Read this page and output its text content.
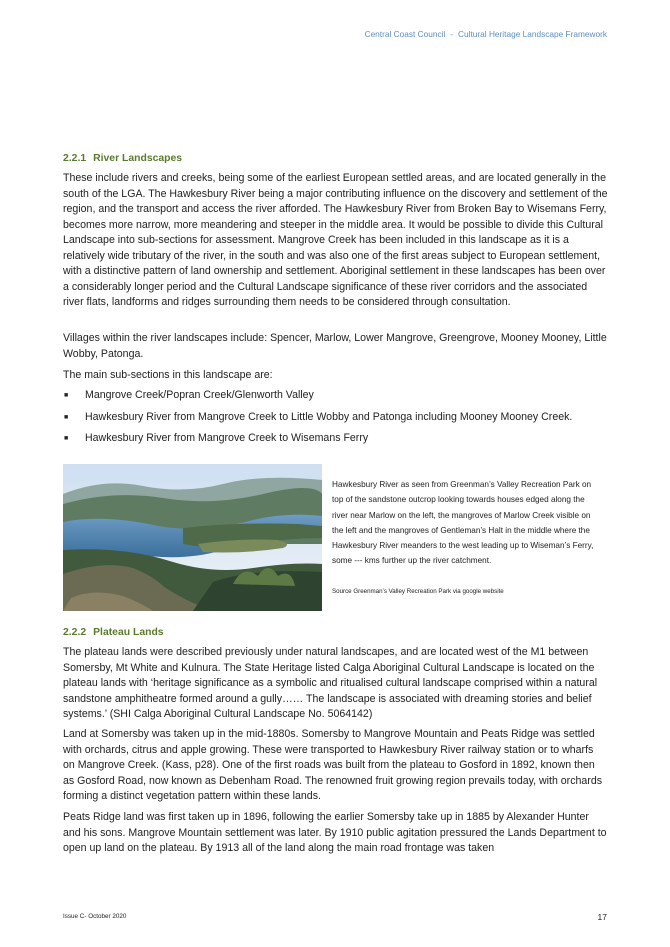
Central Coast Council - Cultural Heritage Landscape Framework
2.2.1 River Landscapes

These include rivers and creeks, being some of the earliest European settled areas, and are located generally in the south of the LGA. The Hawkesbury River being a major contributing influence on the discovery and settlement of the region, and the transport and access the river afforded. The Hawkesbury River from Broken Bay to Wisemans Ferry, becomes more narrow, more meandering and steeper in the middle area. It would be possible to divide this Cultural Landscape into sub-sections for assessment. Mangrove Creek has been included in this landscape as it is a relatively wide tributary of the river, in the south and was also one of the first areas subject to European settlement, with a distinctive pattern of land ownership and settlement. Aboriginal settlement in these landscapes has been over a considerably longer period and the Cultural Landscape significance of these river corridors and the associated river flats, landforms and ridges surrounding them needs to be considered through consultation.

Villages within the river landscapes include: Spencer, Marlow, Lower Mangrove, Greengrove, Mooney Mooney, Little Wobby, Patonga.

The main sub-sections in this landscape are:

■ Mangrove Creek/Popran Creek/Glenworth Valley
■ Hawkesbury River from Mangrove Creek to Little Wobby and Patonga including Mooney Mooney Creek.
■ Hawkesbury River from Mangrove Creek to Wisemans Ferry

Hawkesbury River as seen from Greenman’s Valley Recreation Park on top of the sandstone outcrop looking towards houses edged along the river near Marlow on the left, the mangroves of Marlow Creek visible on the left and the mangroves of Gentleman’s Halt in the middle where the Hawkesbury River meanders to the west leading up to Wiseman’s Ferry, some --- kms further up the river catchment.

Source Greenman’s Valley Recreation Park via google website
2.2.2 Plateau Lands

The plateau lands were described previously under natural landscapes, and are located west of the M1 between Somersby, Mt White and Kulnura. The State Heritage listed Calga Aboriginal Cultural Landscape is located on the plateau lands with ‘heritage significance as a symbolic and ritualised cultural landscape comprised within a natural sandstone amphitheatre formed around a gully…… The landscape is associated with dreaming stories and belief systems.’ (SHI Calga Aboriginal Cultural Landscape No. 5064142)

Land at Somersby was taken up in the mid-1880s. Somersby to Mangrove Mountain and Peats Ridge was settled with orchards, citrus and apple growing. These were transported to Hawkesbury River railway station or to wharfs on Mangrove Creek. (Kass, p28). One of the first roads was built from the plateau to Gosford in 1892, known then as Gosford Road, now known as Debenham Road. The renowned fruit growing region prevails today, with orchards forming a distinct vegetation pattern within these lands.

Peats Ridge land was first taken up in 1896, following the earlier Somersby take up in 1885 by Alexander Hunter and his sons. Mangrove Mountain settlement was later. By 1910 public agitation pressured the Lands Department to open up land on the plateau. By 1913 all of the land along the main road frontage was taken

Issue C- October 2020	17
